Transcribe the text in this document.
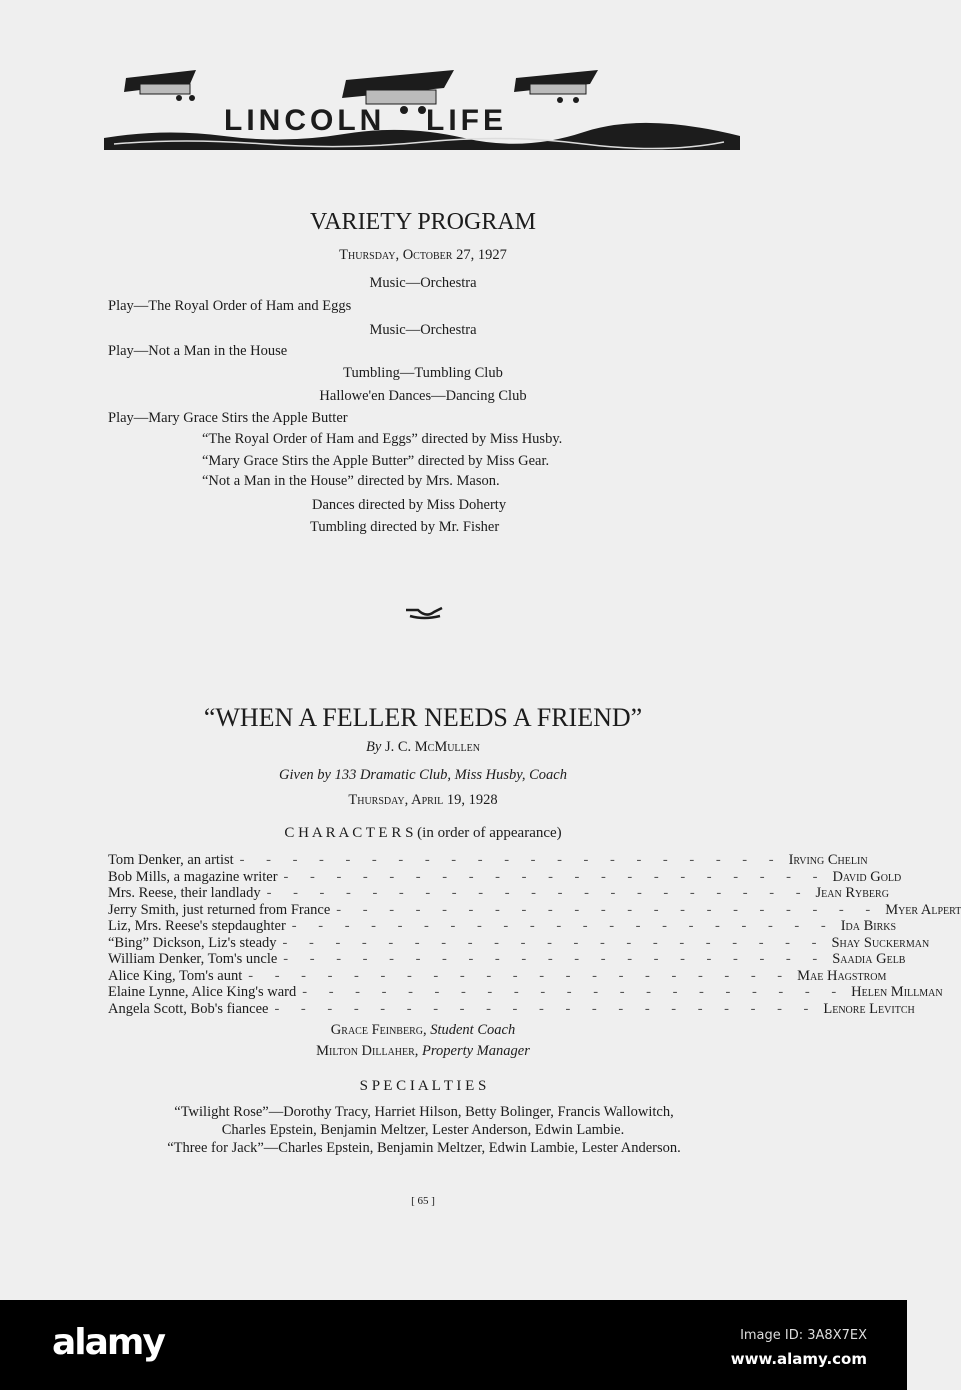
LINCOLN LIFE
VARIETY PROGRAM
Thursday, October 27, 1927
Music—Orchestra
Play—The Royal Order of Ham and Eggs
Music—Orchestra
Play—Not a Man in the House
Tumbling—Tumbling Club
Hallowe'en Dances—Dancing Club
Play—Mary Grace Stirs the Apple Butter
“The Royal Order of Ham and Eggs” directed by Miss Husby.
“Mary Grace Stirs the Apple Butter” directed by Miss Gear.
“Not a Man in the House” directed by Mrs. Mason.
Dances directed by Miss Doherty
Tumbling directed by Mr. Fisher
“WHEN A FELLER NEEDS A FRIEND”
By J. C. McMullen
Given by 133 Dramatic Club, Miss Husby, Coach
Thursday, April 19, 1928
C H A R A C T E R S (in order of appearance)
Tom Denker, an artist - - - - - - - - - - - - - - - - - - - - - Irving Chelin
Bob Mills, a magazine writer - - - - - - - - - - - - - - - - - - - - - David Gold
Mrs. Reese, their landlady - - - - - - - - - - - - - - - - - - - - - Jean Ryberg
Jerry Smith, just returned from France - - - - - - - - - - - - - - - - - - - - - Myer Alpert
Liz, Mrs. Reese's stepdaughter - - - - - - - - - - - - - - - - - - - - - Ida Birks
“Bing” Dickson, Liz's steady - - - - - - - - - - - - - - - - - - - - - Shay Suckerman
William Denker, Tom's uncle - - - - - - - - - - - - - - - - - - - - - Saadia Gelb
Alice King, Tom's aunt - - - - - - - - - - - - - - - - - - - - - Mae Hagstrom
Elaine Lynne, Alice King's ward - - - - - - - - - - - - - - - - - - - - - Helen Millman
Angela Scott, Bob's fiancee - - - - - - - - - - - - - - - - - - - - - Lenore Levitch
Grace Feinberg, Student Coach
Milton Dillaher, Property Manager
S P E C I A L T I E S
“Twilight Rose”—Dorothy Tracy, Harriet Hilson, Betty Bolinger, Francis Wallowitch,
Charles Epstein, Benjamin Meltzer, Lester Anderson, Edwin Lambie.
“Three for Jack”—Charles Epstein, Benjamin Meltzer, Edwin Lambie, Lester Anderson.
[ 65 ]
alamy	Image ID: 3A8X7EX
www.alamy.com
